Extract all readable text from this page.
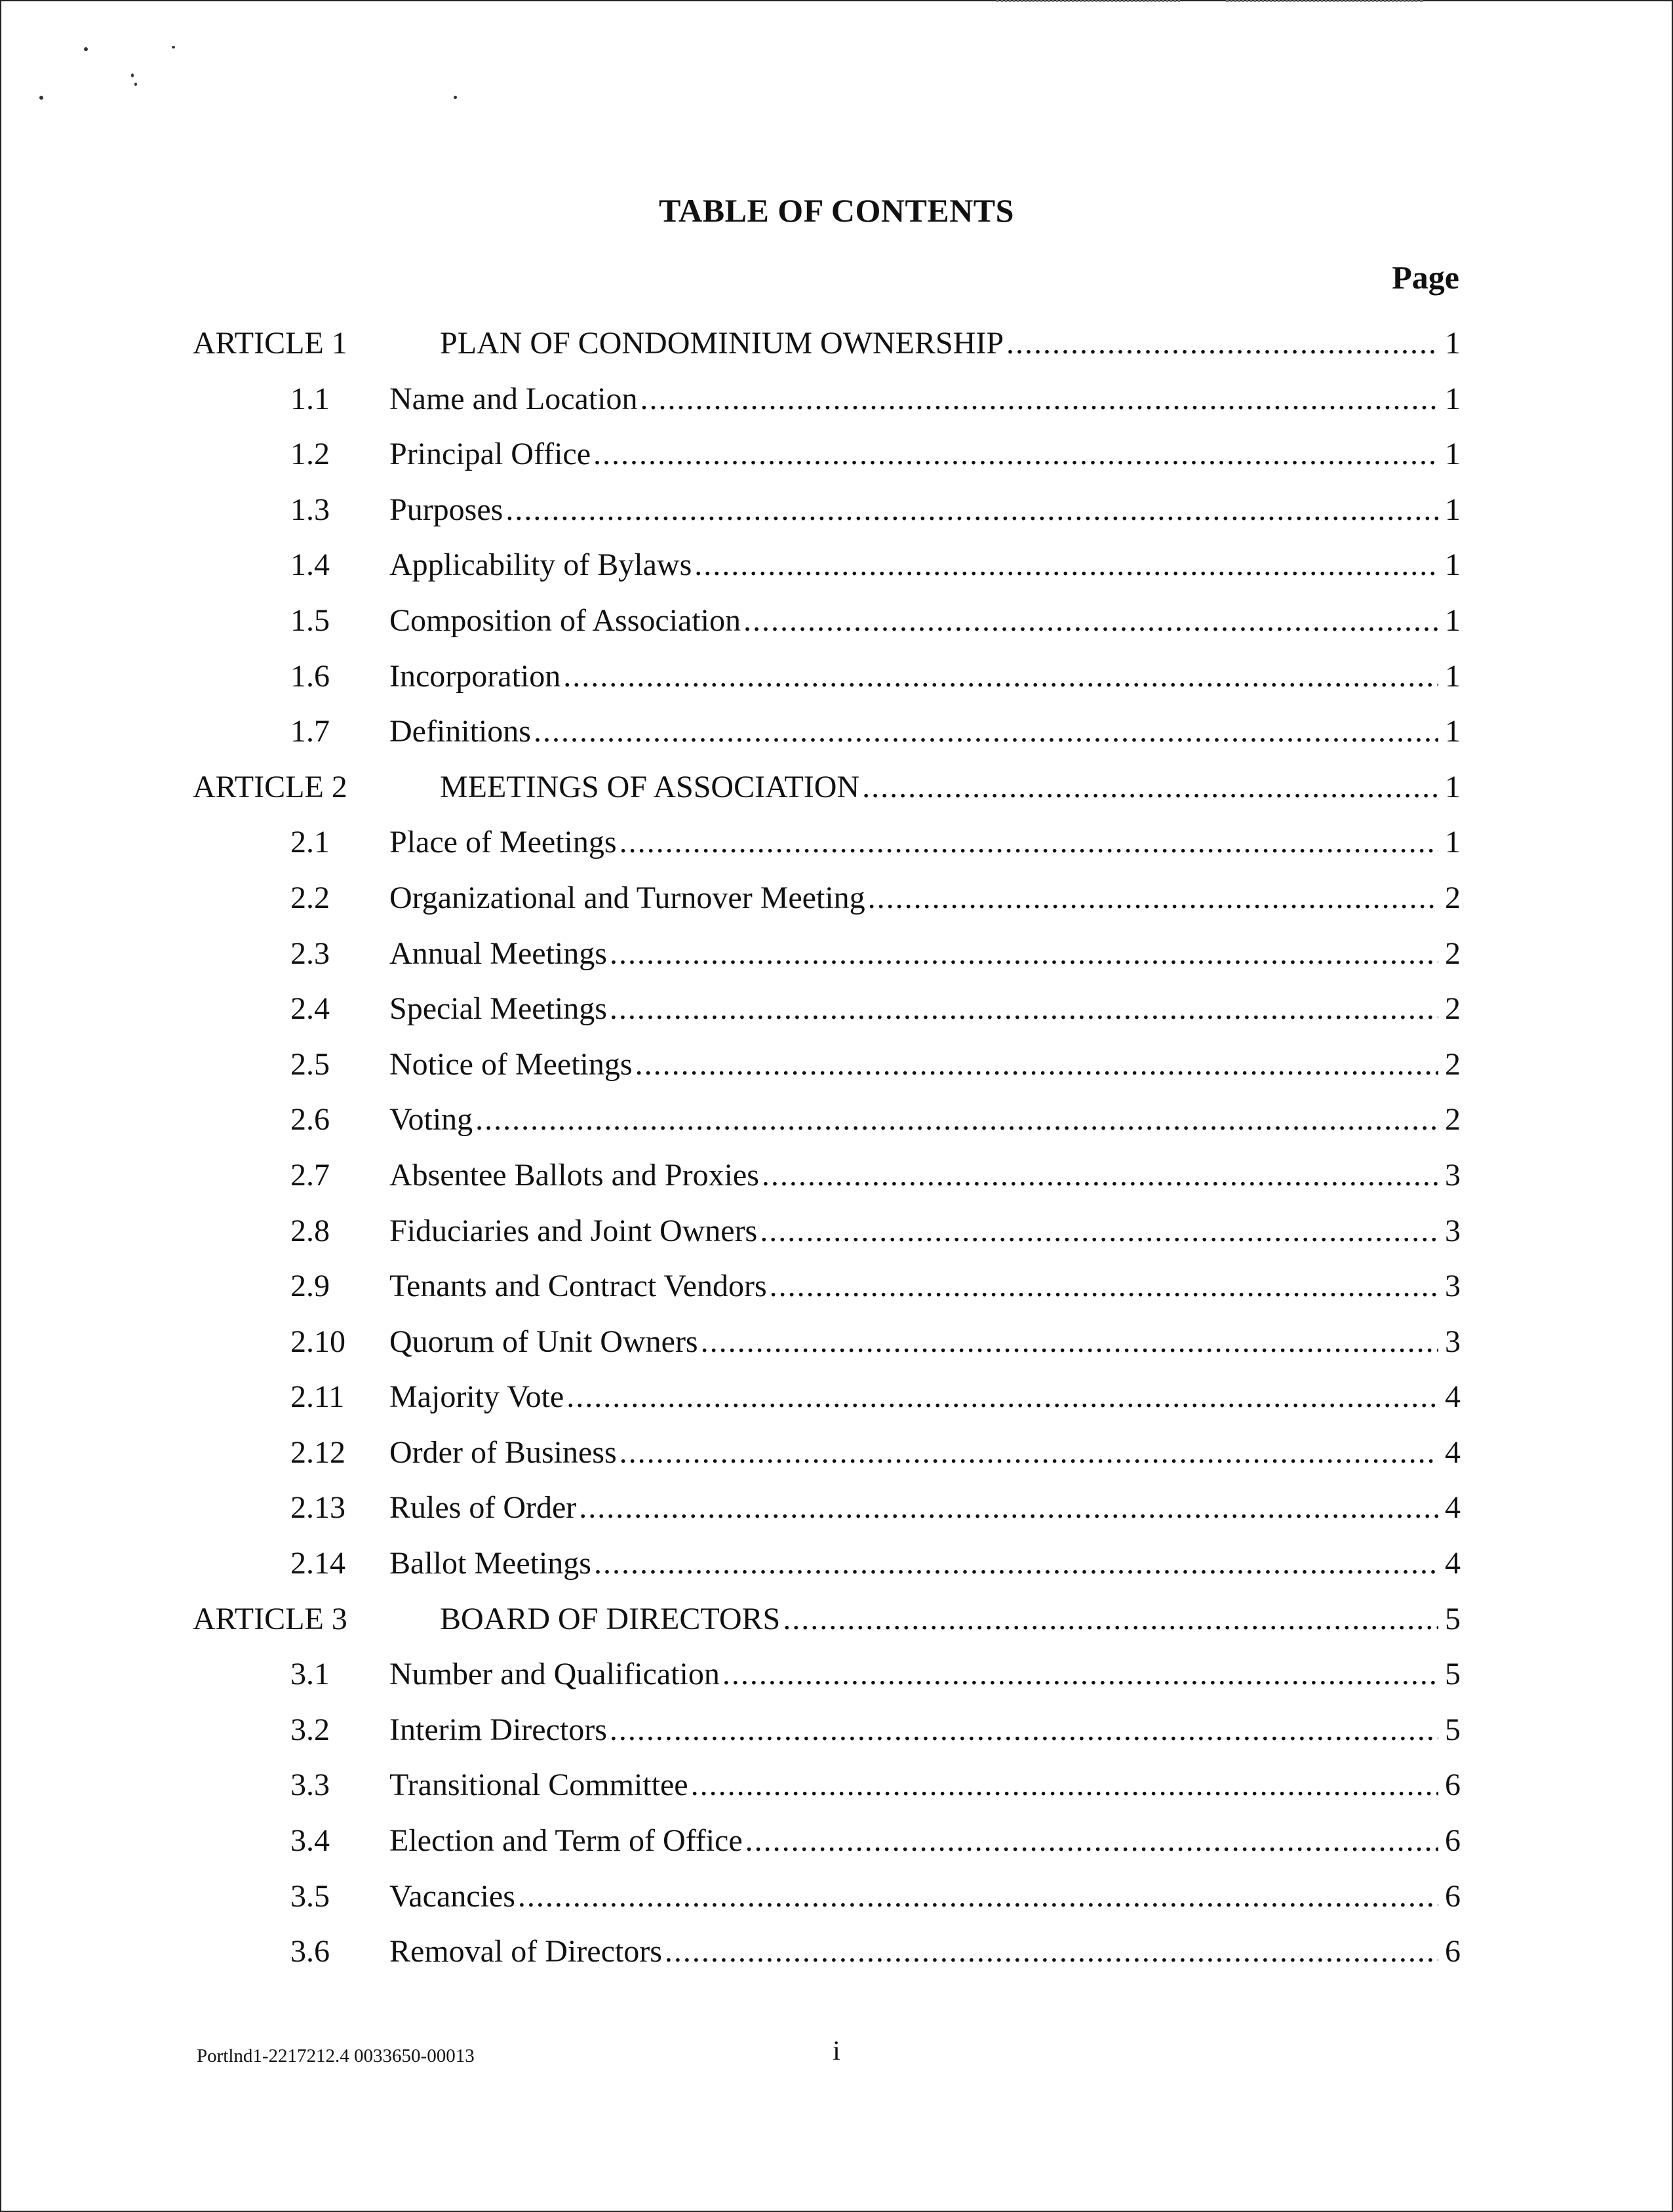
TABLE OF CONTENTS
Page
ARTICLE 1	PLAN OF CONDOMINIUM OWNERSHIP .....	1
1.1 Name and Location .....	1
1.2 Principal Office .....	1
1.3 Purposes .....	1
1.4 Applicability of Bylaws .....	1
1.5 Composition of Association .....	1
1.6 Incorporation .....	1
1.7 Definitions .....	1
ARTICLE 2	MEETINGS OF ASSOCIATION .....	1
2.1 Place of Meetings .....	1
2.2 Organizational and Turnover Meeting .....	2
2.3 Annual Meetings .....	2
2.4 Special Meetings .....	2
2.5 Notice of Meetings .....	2
2.6 Voting .....	2
2.7 Absentee Ballots and Proxies .....	3
2.8 Fiduciaries and Joint Owners .....	3
2.9 Tenants and Contract Vendors .....	3
2.10 Quorum of Unit Owners .....	3
2.11 Majority Vote .....	4
2.12 Order of Business .....	4
2.13 Rules of Order .....	4
2.14 Ballot Meetings .....	4
ARTICLE 3	BOARD OF DIRECTORS .....	5
3.1 Number and Qualification .....	5
3.2 Interim Directors .....	5
3.3 Transitional Committee .....	6
3.4 Election and Term of Office .....	6
3.5 Vacancies .....	6
3.6 Removal of Directors .....	6
Portlnd1-2217212.4 0033650-00013	i
